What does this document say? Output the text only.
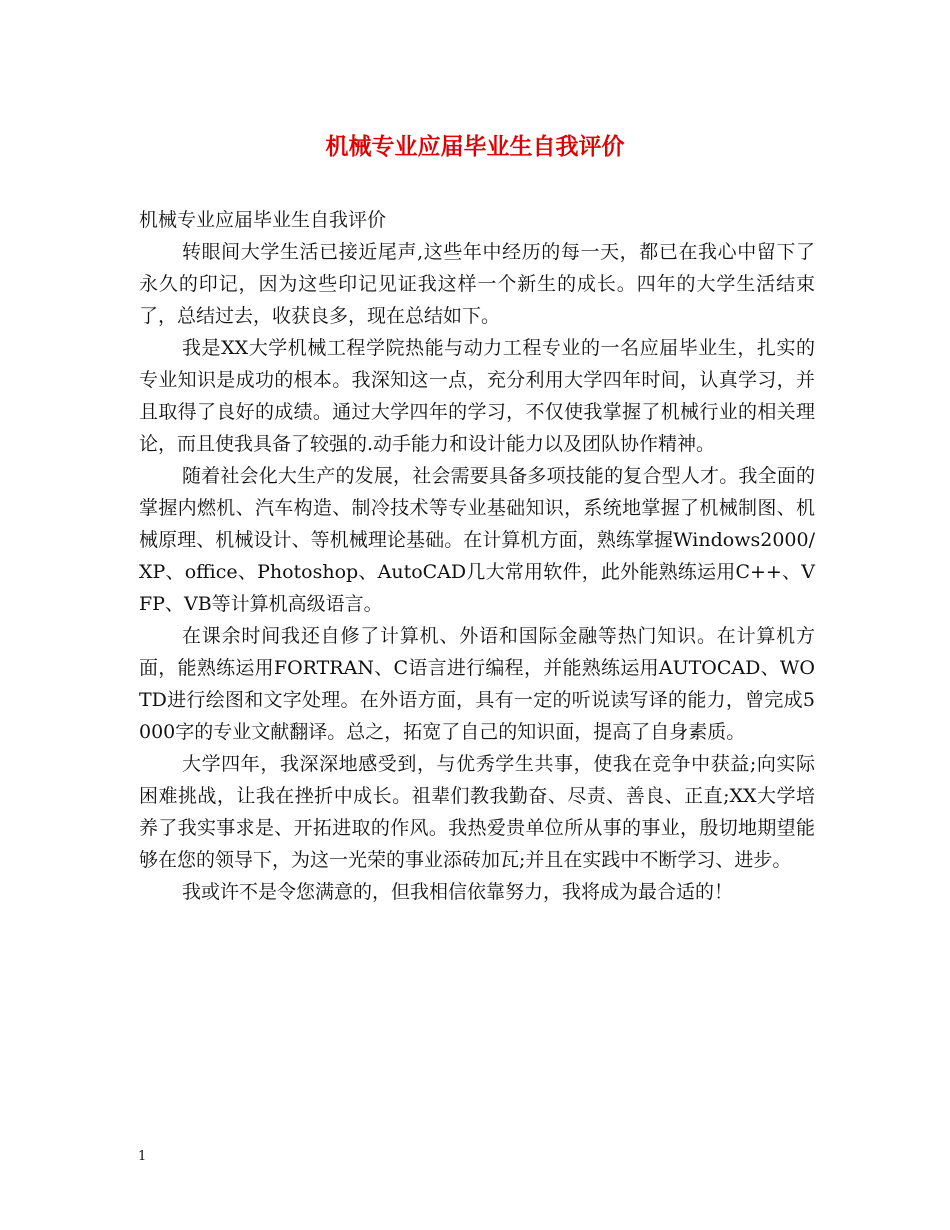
机械专业应届毕业生自我评价

机械专业应届毕业生自我评价

转眼间大学生活已接近尾声,这些年中经历的每一天，都已在我心中留下了永久的印记，因为这些印记见证我这样一个新生的成长。四年的大学生活结束了，总结过去，收获良多，现在总结如下。

我是XX大学机械工程学院热能与动力工程专业的一名应届毕业生，扎实的专业知识是成功的根本。我深知这一点，充分利用大学四年时间，认真学习，并且取得了良好的成绩。通过大学四年的学习，不仅使我掌握了机械行业的相关理论，而且使我具备了较强的.动手能力和设计能力以及团队协作精神。

随着社会化大生产的发展，社会需要具备多项技能的复合型人才。我全面的掌握内燃机、汽车构造、制冷技术等专业基础知识，系统地掌握了机械制图、机械原理、机械设计、等机械理论基础。在计算机方面，熟练掌握Windows2000/XP、office、Photoshop、AutoCAD几大常用软件，此外能熟练运用C++、VFP、VB等计算机高级语言。

在课余时间我还自修了计算机、外语和国际金融等热门知识。在计算机方面，能熟练运用FORTRAN、C语言进行编程，并能熟练运用AUTOCAD、WOTD进行绘图和文字处理。在外语方面，具有一定的听说读写译的能力，曾完成5000字的专业文献翻译。总之，拓宽了自己的知识面，提高了自身素质。

大学四年，我深深地感受到，与优秀学生共事，使我在竞争中获益;向实际困难挑战，让我在挫折中成长。祖辈们教我勤奋、尽责、善良、正直;XX大学培养了我实事求是、开拓进取的作风。我热爱贵单位所从事的事业，殷切地期望能够在您的领导下，为这一光荣的事业添砖加瓦;并且在实践中不断学习、进步。

我或许不是令您满意的，但我相信依靠努力，我将成为最合适的！

1
